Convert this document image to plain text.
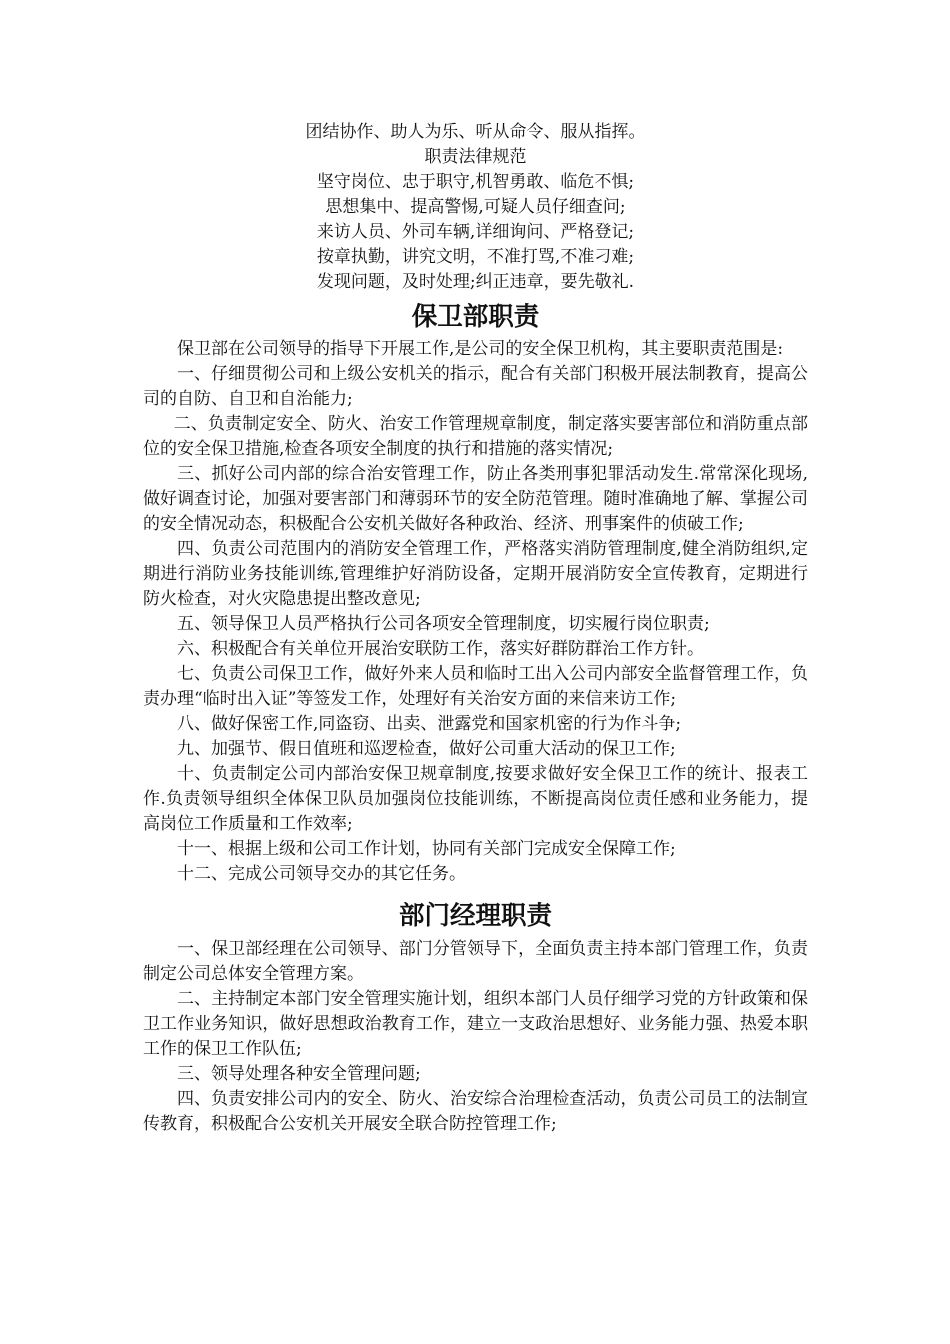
团结协作、助人为乐、听从命令、服从指挥。

职责法律规范

坚守岗位、忠于职守,机智勇敢、临危不惧;

思想集中、提高警惕,可疑人员仔细查问;

来访人员、外司车辆,详细询问、严格登记;

按章执勤，讲究文明，不准打骂,不准刁难;

发现问题，及时处理;纠正违章，要先敬礼.

保卫部职责

保卫部在公司领导的指导下开展工作,是公司的安全保卫机构，其主要职责范围是:

一、仔细贯彻公司和上级公安机关的指示，配合有关部门积极开展法制教育，提高公司的自防、自卫和自治能力;

二、负责制定安全、防火、治安工作管理规章制度，制定落实要害部位和消防重点部位的安全保卫措施,检查各项安全制度的执行和措施的落实情况;

三、抓好公司内部的综合治安管理工作，防止各类刑事犯罪活动发生.常常深化现场,做好调查讨论，加强对要害部门和薄弱环节的安全防范管理。随时准确地了解、掌握公司的安全情况动态，积极配合公安机关做好各种政治、经济、刑事案件的侦破工作;

四、负责公司范围内的消防安全管理工作，严格落实消防管理制度,健全消防组织,定期进行消防业务技能训练,管理维护好消防设备，定期开展消防安全宣传教育，定期进行防火检查，对火灾隐患提出整改意见;

五、领导保卫人员严格执行公司各项安全管理制度，切实履行岗位职责;

六、积极配合有关单位开展治安联防工作，落实好群防群治工作方针。

七、负责公司保卫工作，做好外来人员和临时工出入公司内部安全监督管理工作，负责办理“临时出入证”等签发工作，处理好有关治安方面的来信来访工作;

八、做好保密工作,同盗窃、出卖、泄露党和国家机密的行为作斗争;

九、加强节、假日值班和巡逻检查，做好公司重大活动的保卫工作;

十、负责制定公司内部治安保卫规章制度,按要求做好安全保卫工作的统计、报表工作.负责领导组织全体保卫队员加强岗位技能训练，不断提高岗位责任感和业务能力，提高岗位工作质量和工作效率;

十一、根据上级和公司工作计划，协同有关部门完成安全保障工作;

十二、完成公司领导交办的其它任务。

部门经理职责

一、保卫部经理在公司领导、部门分管领导下，全面负责主持本部门管理工作，负责制定公司总体安全管理方案。

二、主持制定本部门安全管理实施计划，组织本部门人员仔细学习党的方针政策和保卫工作业务知识，做好思想政治教育工作，建立一支政治思想好、业务能力强、热爱本职工作的保卫工作队伍;

三、领导处理各种安全管理问题;

四、负责安排公司内的安全、防火、治安综合治理检查活动，负责公司员工的法制宣传教育，积极配合公安机关开展安全联合防控管理工作;
